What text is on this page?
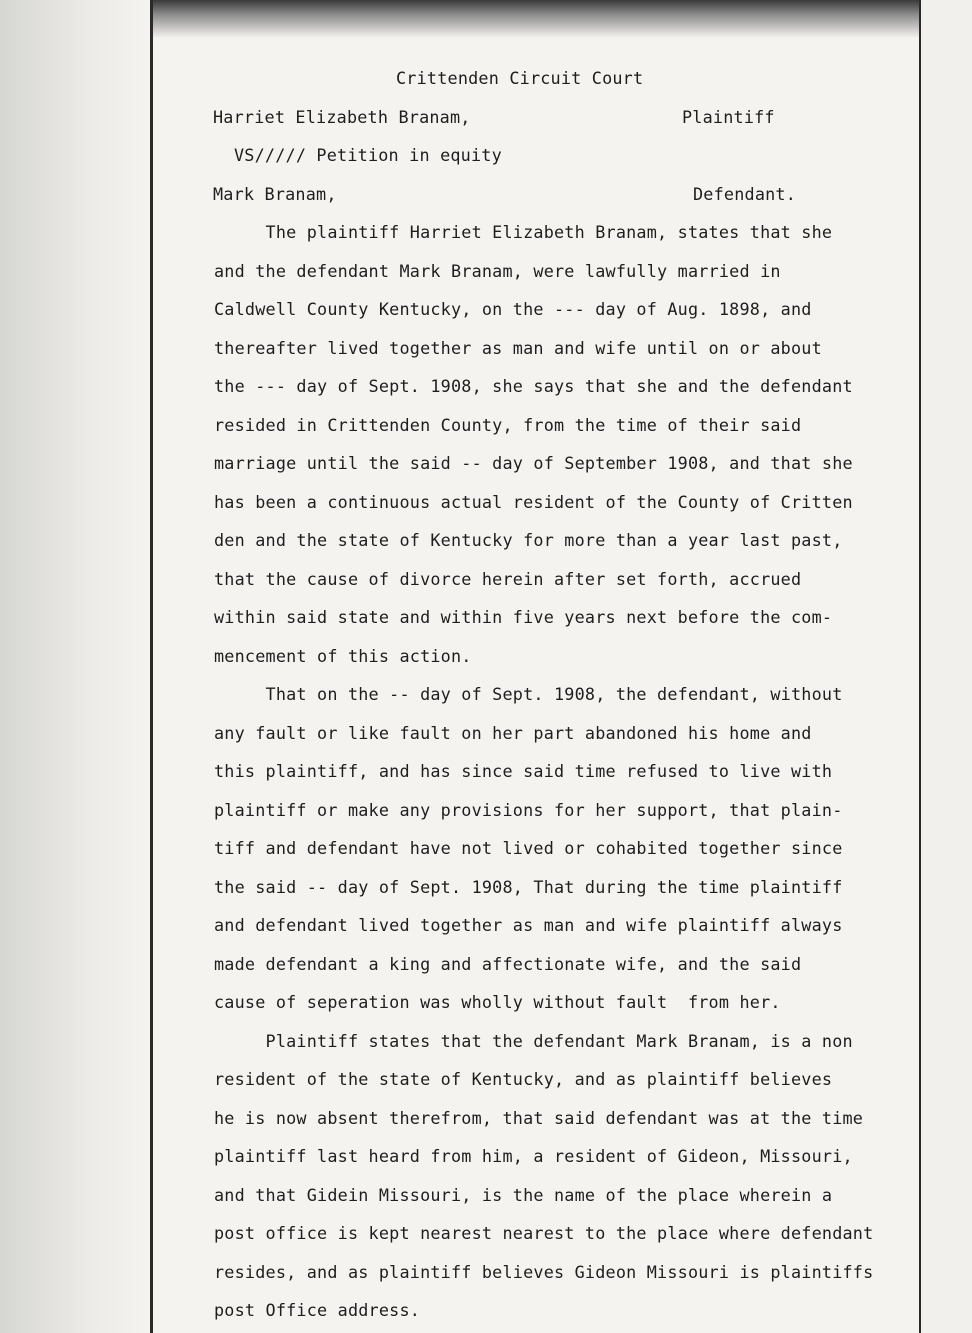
Crittenden Circuit Court
Harriet Elizabeth Branam,	Plaintiff
VS///// Petition in equity
Mark Branam,	Defendant.
The plaintiff Harriet Elizabeth Branam, states that she
and the defendant Mark Branam, were lawfully married in
Caldwell County Kentucky, on the --- day of Aug. 1898, and
thereafter lived together as man and wife until on or about
the --- day of Sept. 1908, she says that she and the defendant
resided in Crittenden County, from the time of their said
marriage until the said -- day of September 1908, and that she
has been a continuous actual resident of the County of Critten
den and the state of Kentucky for more than a year last past,
that the cause of divorce herein after set forth, accrued
within said state and within five years next before the com-
mencement of this action.
That on the -- day of Sept. 1908, the defendant, without
any fault or like fault on her part abandoned his home and
this plaintiff, and has since said time refused to live with
plaintiff or make any provisions for her support, that plain-
tiff and defendant have not lived or cohabited together since
the said -- day of Sept. 1908, That during the time plaintiff
and defendant lived together as man and wife plaintiff always
made defendant a king and affectionate wife, and the said
cause of seperation was wholly without fault  from her.
Plaintiff states that the defendant Mark Branam, is a non
resident of the state of Kentucky, and as plaintiff believes
he is now absent therefrom, that said defendant was at the time
plaintiff last heard from him, a resident of Gideon, Missouri,
and that Gidein Missouri, is the name of the place wherein a
post office is kept nearest nearest to the place where defendant
resides, and as plaintiff believes Gideon Missouri is plaintiffs
post Office address.
